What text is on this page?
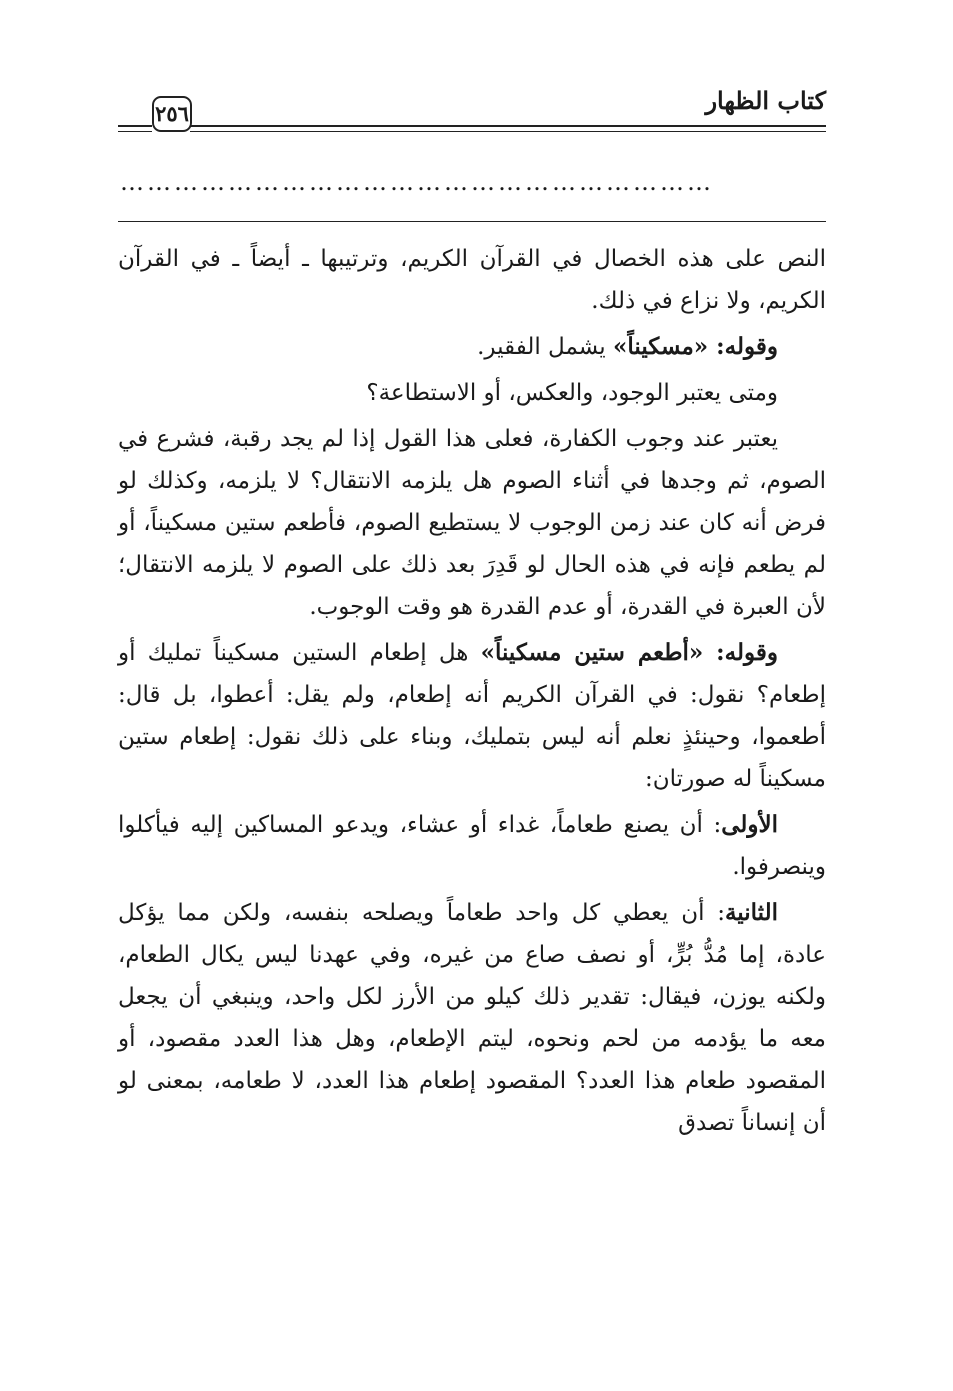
٢٥٦	كتاب الظهار
…………………………………………………………

النص على هذه الخصال في القرآن الكريم، وترتيبها ـ أيضاً ـ في القرآن الكريم، ولا نزاع في ذلك.

وقوله: «مسكيناً» يشمل الفقير.

ومتى يعتبر الوجود، والعكس، أو الاستطاعة؟

يعتبر عند وجوب الكفارة، فعلى هذا القول إذا لم يجد رقبة، فشرع في الصوم، ثم وجدها في أثناء الصوم هل يلزمه الانتقال؟ لا يلزمه، وكذلك لو فرض أنه كان عند زمن الوجوب لا يستطيع الصوم، فأطعم ستين مسكيناً، أو لم يطعم فإنه في هذه الحال لو قَدِرَ بعد ذلك على الصوم لا يلزمه الانتقال؛ لأن العبرة في القدرة، أو عدم القدرة هو وقت الوجوب.

وقوله: «أطعم ستين مسكيناً» هل إطعام الستين مسكيناً تمليك أو إطعام؟ نقول: في القرآن الكريم أنه إطعام، ولم يقل: أعطوا، بل قال: أطعموا، وحينئذٍ نعلم أنه ليس بتمليك، وبناء على ذلك نقول: إطعام ستين مسكيناً له صورتان:

الأولى: أن يصنع طعاماً، غداء أو عشاء، ويدعو المساكين إليه فيأكلوا وينصرفوا.

الثانية: أن يعطي كل واحد طعاماً ويصلحه بنفسه، ولكن مما يؤكل عادة، إما مُدُّ بُرٍّ، أو نصف صاع من غيره، وفي عهدنا ليس يكال الطعام، ولكنه يوزن، فيقال: تقدير ذلك كيلو من الأرز لكل واحد، وينبغي أن يجعل معه ما يؤدمه من لحم ونحوه، ليتم الإطعام، وهل هذا العدد مقصود، أو المقصود طعام هذا العدد؟ المقصود إطعام هذا العدد، لا طعامه، بمعنى لو أن إنساناً تصدق
